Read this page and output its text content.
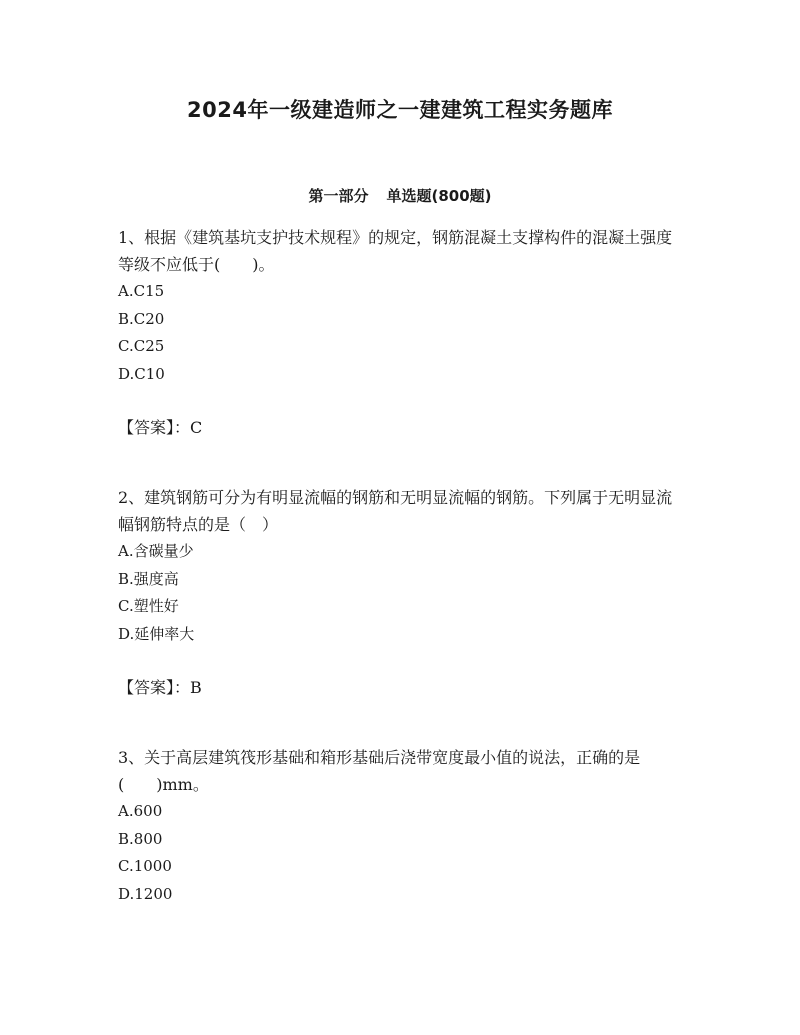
2024年一级建造师之一建建筑工程实务题库
第一部分 单选题(800题)

1、根据《建筑基坑支护技术规程》的规定，钢筋混凝土支撑构件的混凝土强度等级不应低于(　　)。

A.C15
B.C20
C.C25
D.C10

【答案】：C

2、建筑钢筋可分为有明显流幅的钢筋和无明显流幅的钢筋。下列属于无明显流幅钢筋特点的是（　）

A.含碳量少
B.强度高
C.塑性好
D.延伸率大

【答案】：B

3、关于高层建筑筏形基础和箱形基础后浇带宽度最小值的说法，正确的是(　　)mm。

A.600
B.800
C.1000
D.1200
